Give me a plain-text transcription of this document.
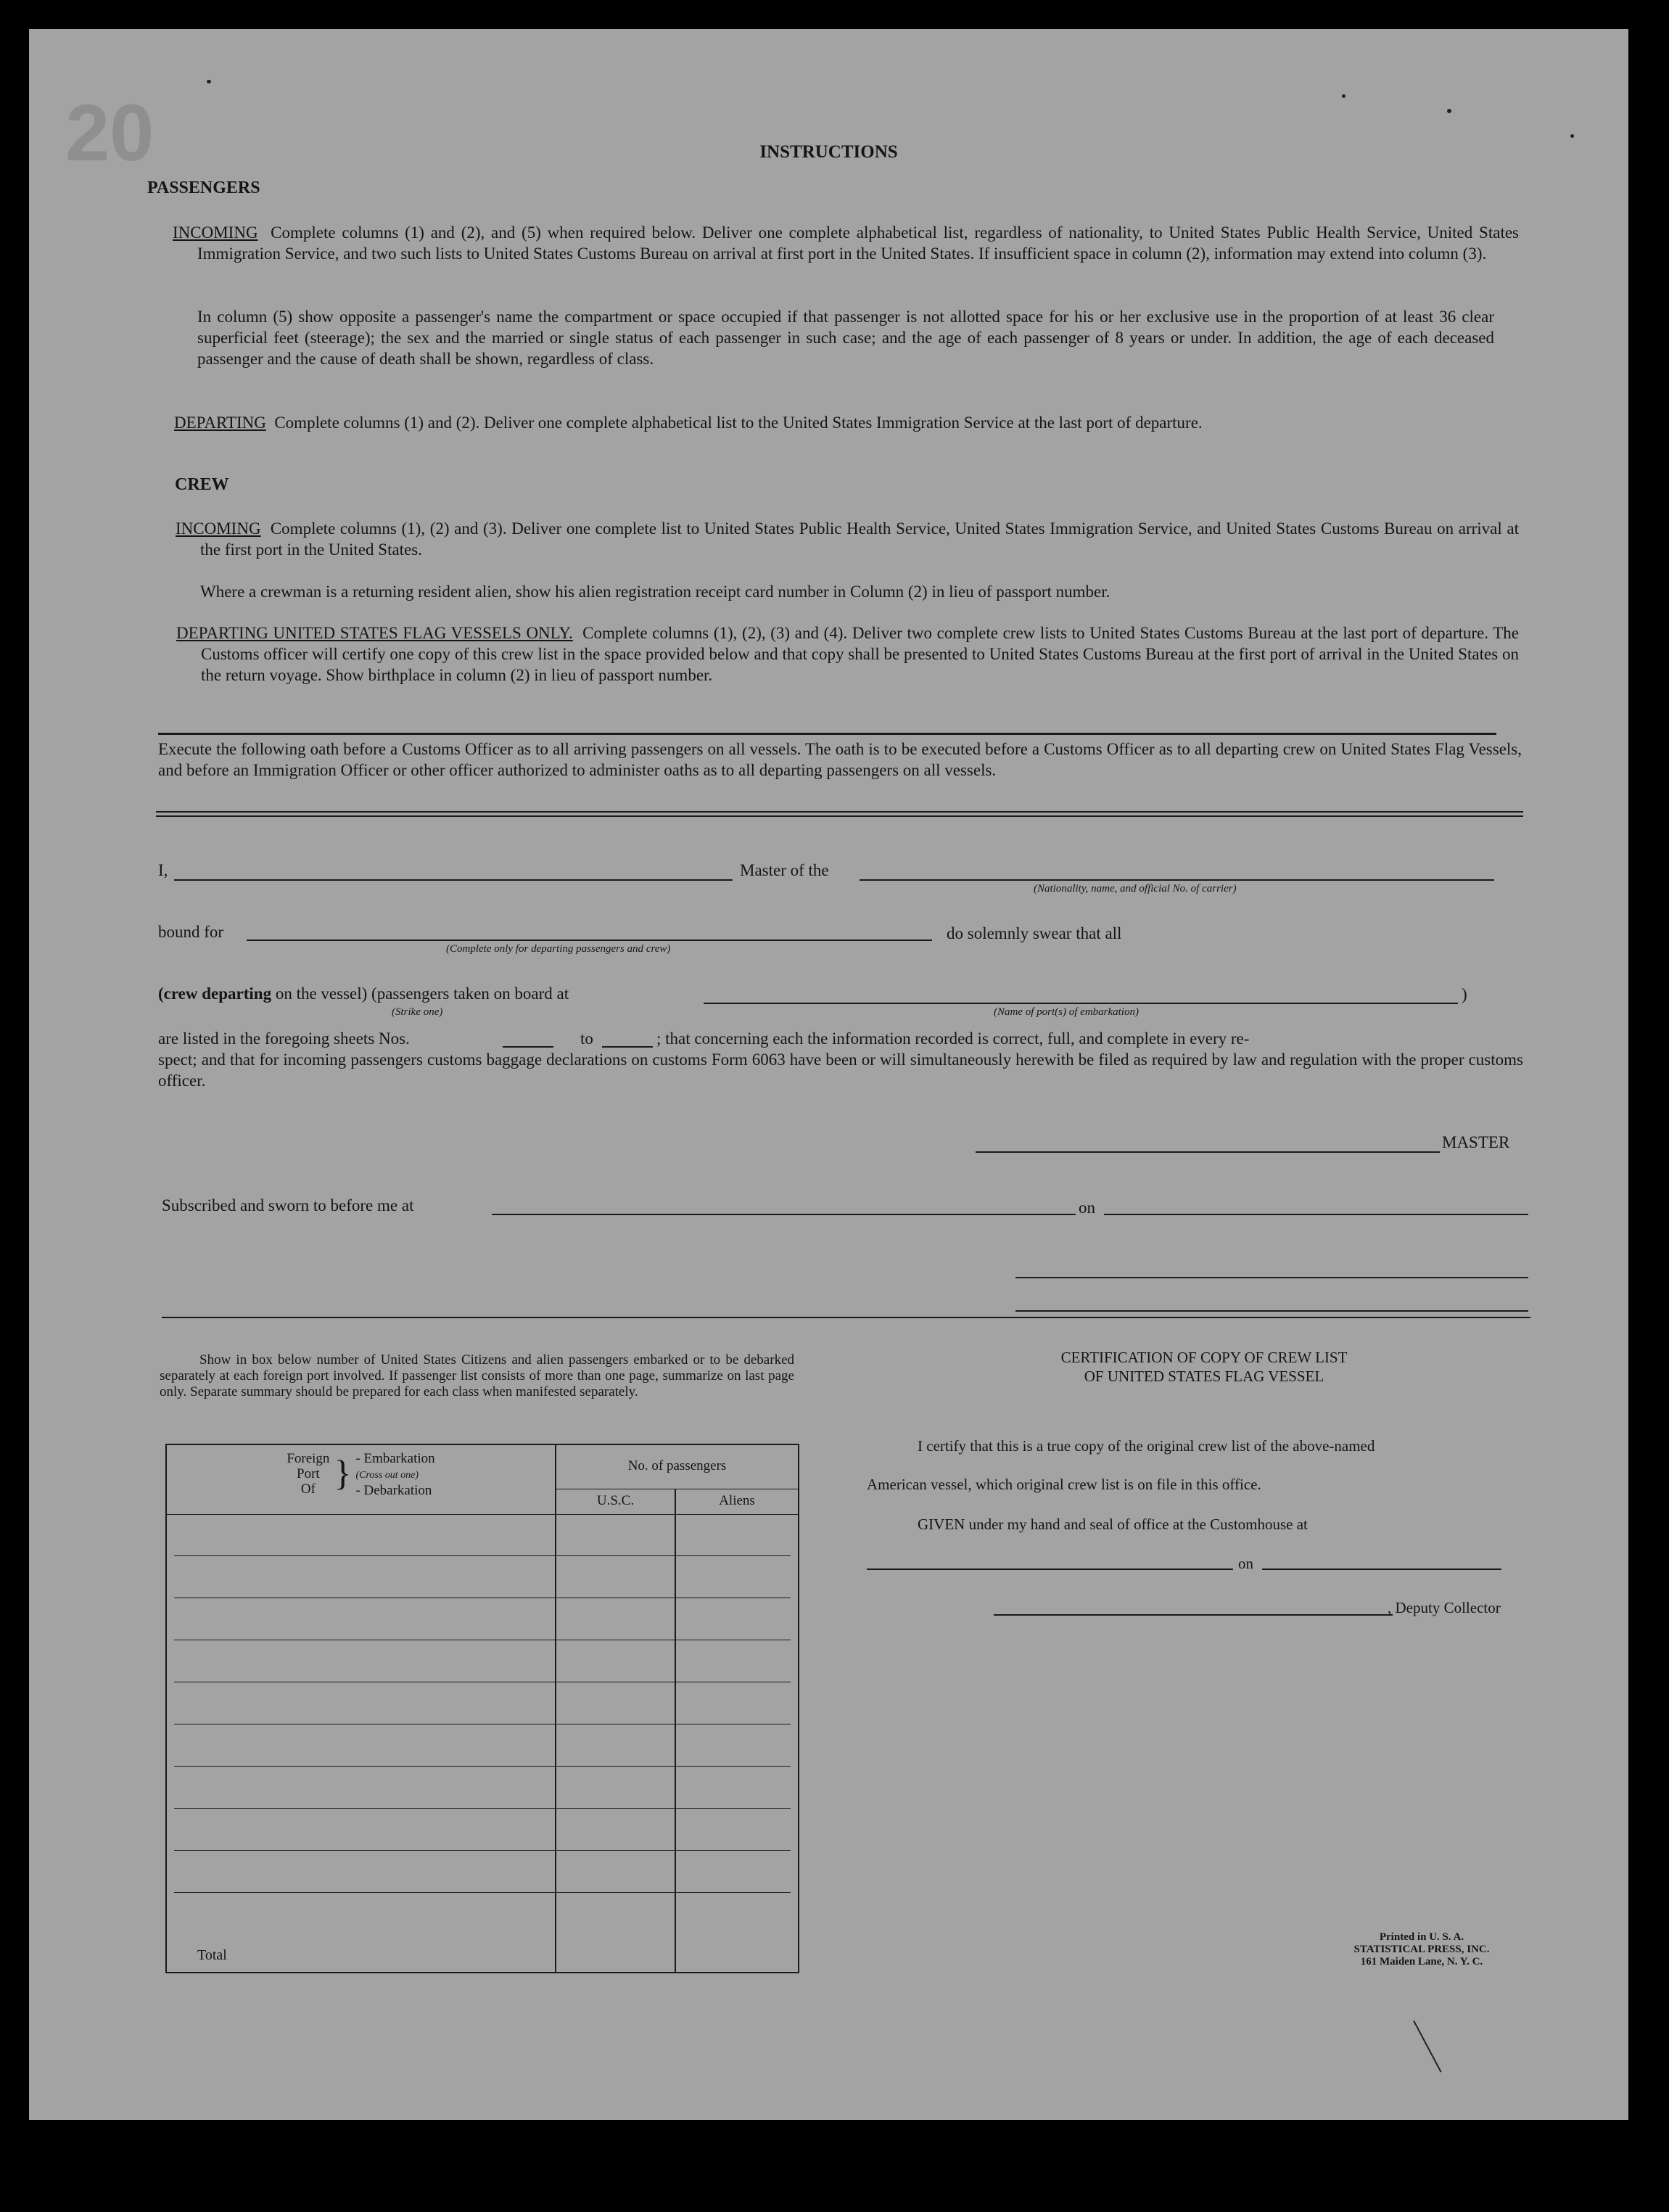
20	INSTRUCTIONS
PASSENGERS
INCOMING Complete columns (1) and (2), and (5) when required below. Deliver one complete alphabetical list, regardless of nationality, to United States Public Health Service, United States Immigration Service, and two such lists to United States Customs Bureau on arrival at first port in the United States. If insufficient space in column (2), information may extend into column (3).
In column (5) show opposite a passenger's name the compartment or space occupied if that passenger is not allotted space for his or her exclusive use in the proportion of at least 36 clear superficial feet (steerage); the sex and the married or single status of each passenger in such case; and the age of each passenger of 8 years or under. In addition, the age of each deceased passenger and the cause of death shall be shown, regardless of class.
DEPARTING Complete columns (1) and (2). Deliver one complete alphabetical list to the United States Immigration Service at the last port of departure.
CREW
INCOMING Complete columns (1), (2) and (3). Deliver one complete list to United States Public Health Service, United States Immigration Service, and United States Customs Bureau on arrival at the first port in the United States.
Where a crewman is a returning resident alien, show his alien registration receipt card number in Column (2) in lieu of passport number.
DEPARTING UNITED STATES FLAG VESSELS ONLY. Complete columns (1), (2), (3) and (4). Deliver two complete crew lists to United States Customs Bureau at the last port of departure. The Customs officer will certify one copy of this crew list in the space provided below and that copy shall be presented to United States Customs Bureau at the first port of arrival in the United States on the return voyage. Show birthplace in column (2) in lieu of passport number.
Execute the following oath before a Customs Officer as to all arriving passengers on all vessels. The oath is to be executed before a Customs Officer as to all departing crew on United States Flag Vessels, and before an Immigration Officer or other officer authorized to administer oaths as to all departing passengers on all vessels.
I,	Master of the
(Nationality, name, and official No. of carrier)
bound for
(Complete only for departing passengers and crew)
do solemnly swear that all
(crew departing on the vessel) (passengers taken on board at	)
(Strike one)	(Name of port(s) of embarkation)
are listed in the foregoing sheets Nos.	to	; that concerning each the information recorded is correct, full, and complete in every re-
spect; and that for incoming passengers customs baggage declarations on customs Form 6063 have been or will simultaneously herewith be filed as required by law and regulation with the proper customs officer.
MASTER
Subscribed and sworn to before me at	on
Show in box below number of United States Citizens and alien passengers embarked or to be debarked separately at each foreign port involved. If passenger list consists of more than one page, summarize on last page only. Separate summary should be prepared for each class when manifested separately.
Foreign
Port
Of } - Embarkation
(Cross out one)
- Debarkation
No. of passengers
U.S.C.	Aliens
Total
CERTIFICATION OF COPY OF CREW LIST
OF UNITED STATES FLAG VESSEL
I certify that this is a true copy of the original crew list of the above-named
American vessel, which original crew list is on file in this office.
GIVEN under my hand and seal of office at the Customhouse at
on
, Deputy Collector
Printed in U. S. A.
STATISTICAL PRESS, INC.
161 Maiden Lane, N. Y. C.
